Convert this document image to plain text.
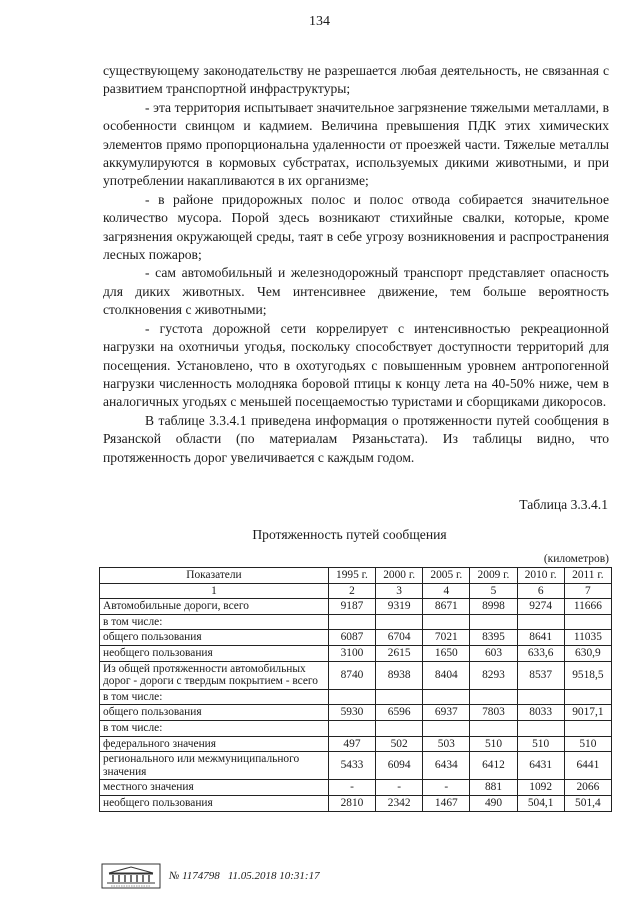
134

существующему законодательству не разрешается любая деятельность, не связанная с развитием транспортной инфраструктуры;

- эта территория испытывает значительное загрязнение тяжелыми металлами, в особенности свинцом и кадмием. Величина превышения ПДК этих химических элементов прямо пропорциональна удаленности от проезжей части. Тяжелые металлы аккумулируются в кормовых субстратах, используемых дикими животными, и при употреблении накапливаются в их организме;

- в районе придорожных полос и полос отвода собирается значительное количество мусора. Порой здесь возникают стихийные свалки, которые, кроме загрязнения окружающей среды, таят в себе угрозу возникновения и распространения лесных пожаров;

- сам автомобильный и железнодорожный транспорт представляет опасность для диких животных. Чем интенсивнее движение, тем больше вероятность столкновения с животными;

- густота дорожной сети коррелирует с интенсивностью рекреационной нагрузки на охотничьи угодья, поскольку способствует доступности территорий для посещения. Установлено, что в охотугодьях с повышенным уровнем антропогенной нагрузки численность молодняка боровой птицы к концу лета на 40-50% ниже, чем в аналогичных угодьях с меньшей посещаемостью туристами и сборщиками дикоросов.

В таблице 3.3.4.1 приведена информация о протяженности путей сообщения в Рязанской области (по материалам Рязаньстата). Из таблицы видно, что протяженность дорог увеличивается с каждым годом.

Таблица 3.3.4.1
Протяженность путей сообщения
(километров)
Показатели	1995 г.	2000 г.	2005 г.	2009 г.	2010 г.	2011 г.
1	2	3	4	5	6	7
Автомобильные дороги, всего	9187	9319	8671	8998	9274	11666
в том числе:						
общего пользования	6087	6704	7021	8395	8641	11035
необщего пользования	3100	2615	1650	603	633,6	630,9
Из общей протяженности автомобильных дорог - дороги с твердым покрытием - всего	8740	8938	8404	8293	8537	9518,5
в том числе:						
общего пользования	5930	6596	6937	7803	8033	9017,1
в том числе:						
федерального значения	497	502	503	510	510	510
регионального или межмуниципального значения	5433	6094	6434	6412	6431	6441
местного значения	-	-	-	881	1092	2066
необщего пользования	2810	2342	1467	490	504,1	501,4
№ 1174798 11.05.2018 10:31:17
